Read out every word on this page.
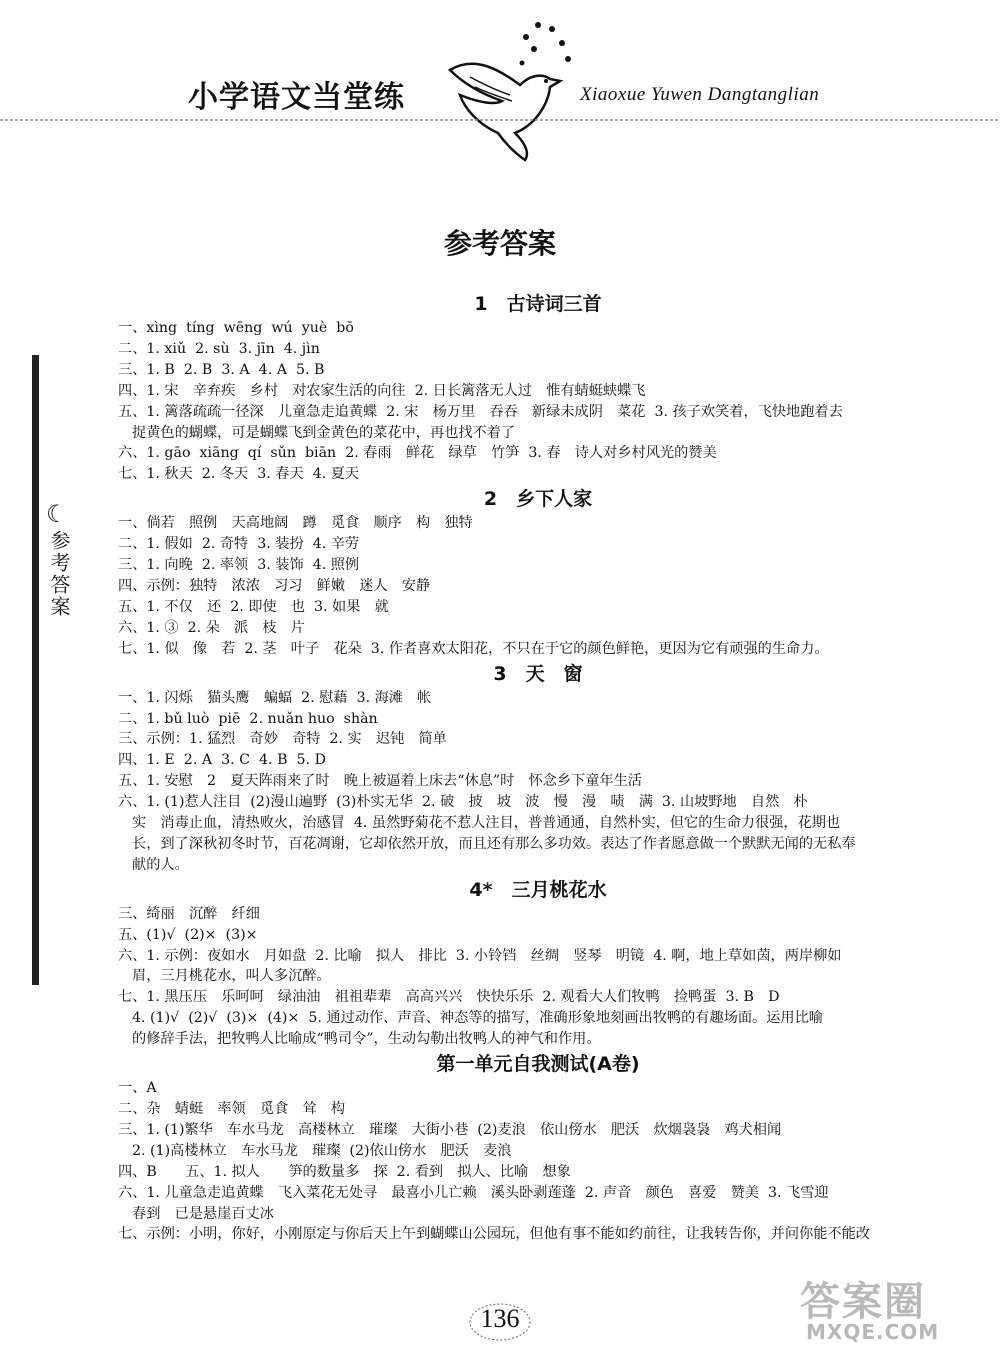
小学语文当堂练	Xiaoxue Yuwen Dangtanglian
☾
参考答案
参考答案
1　古诗词三首
一、xìng  tíng  wēng  wú  yuè  bō
二、1. xiǔ  2. sù  3. jīn  4. jìn
三、1. B  2. B  3. A  4. A  5. B
四、1. 宋　辛弃疾　乡村　对农家生活的向往  2. 日长篱落无人过　惟有蜻蜓蛱蝶飞
五、1. 篱落疏疏一径深　儿童急走追黄蝶  2. 宋　杨万里　吞吞　新绿未成阴　菜花  3. 孩子欢笑着，飞快地跑着去
捉黄色的蝴蝶，可是蝴蝶飞到金黄色的菜花中，再也找不着了
六、1. gāo  xiāng  qí  sǔn  biān  2. 春雨　鲜花　绿草　竹笋  3. 春　诗人对乡村风光的赞美
七、1. 秋天  2. 冬天  3. 春天  4. 夏天
2　乡下人家
一、倘若　照例　天高地阔　蹲　觅食　顺序　构　独特
二、1. 假如  2. 奇特  3. 装扮  4. 辛劳
三、1. 向晚  2. 率领  3. 装饰  4. 照例
四、示例：独特　浓浓　习习　鲜嫩　迷人　安静
五、1. 不仅　还  2. 即使　也  3. 如果　就
六、1. ③  2. 朵　派　枝　片
七、1. 似　像　若  2. 茎　叶子　花朵  3. 作者喜欢太阳花，不只在于它的颜色鲜艳，更因为它有顽强的生命力。
3　天　窗
一、1. 闪烁　猫头鹰　蝙蝠  2. 慰藉  3. 海滩　帐
二、1. bǔ luò  piē  2. nuǎn huo  shàn
三、示例：1. 猛烈　奇妙　奇特  2. 实　迟钝　简单
四、1. E  2. A  3. C  4. B  5. D
五、1. 安慰　2　夏天阵雨来了时　晚上被逼着上床去“休息”时　怀念乡下童年生活
六、1. (1)惹人注目  (2)漫山遍野  (3)朴实无华  2. 破　披　坡　波　慢　漫　啧　满  3. 山坡野地　自然　朴
实　消毒止血，清热败火，治感冒  4. 虽然野菊花不惹人注目，普普通通，自然朴实，但它的生命力很强，花期也
长，到了深秋初冬时节，百花凋谢，它却依然开放，而且还有那么多功效。表达了作者愿意做一个默默无闻的无私奉
献的人。
4*　三月桃花水
三、绮丽　沉醉　纤细
五、(1)√  (2)×  (3)×
六、1. 示例：夜如水　月如盘  2. 比喻　拟人　排比  3. 小铃铛　丝绸　竖琴　明镜  4. 啊，地上草如茵，两岸柳如
眉，三月桃花水，叫人多沉醉。
七、1. 黑压压　乐呵呵　绿油油　祖祖辈辈　高高兴兴　快快乐乐  2. 观看大人们牧鸭　捡鸭蛋  3. B　D
4. (1)√  (2)√  (3)×  (4)×  5. 通过动作、声音、神态等的描写，准确形象地刻画出牧鸭的有趣场面。运用比喻
的修辞手法，把牧鸭人比喻成“鸭司令”，生动勾勒出牧鸭人的神气和作用。
第一单元自我测试(A卷)
一、A
二、杂　蜻蜓　率领　觅食　耸　构
三、1. (1)繁华　车水马龙　高楼林立　璀璨　大街小巷  (2)麦浪　依山傍水　肥沃　炊烟袅袅　鸡犬相闻
2. (1)高楼林立　车水马龙　璀璨  (2)依山傍水　肥沃　麦浪
四、B　　五、1. 拟人　　笋的数量多　探  2. 看到　拟人、比喻　想象
六、1. 儿童急走追黄蝶　飞入菜花无处寻　最喜小儿亡赖　溪头卧剥莲蓬  2. 声音　颜色　喜爱　赞美  3. 飞雪迎
春到　已是悬崖百丈冰
七、示例：小明，你好，小刚原定与你后天上午到蝴蝶山公园玩，但他有事不能如约前往，让我转告你，并问你能不能改
136	答案圈
MXQE.COM
